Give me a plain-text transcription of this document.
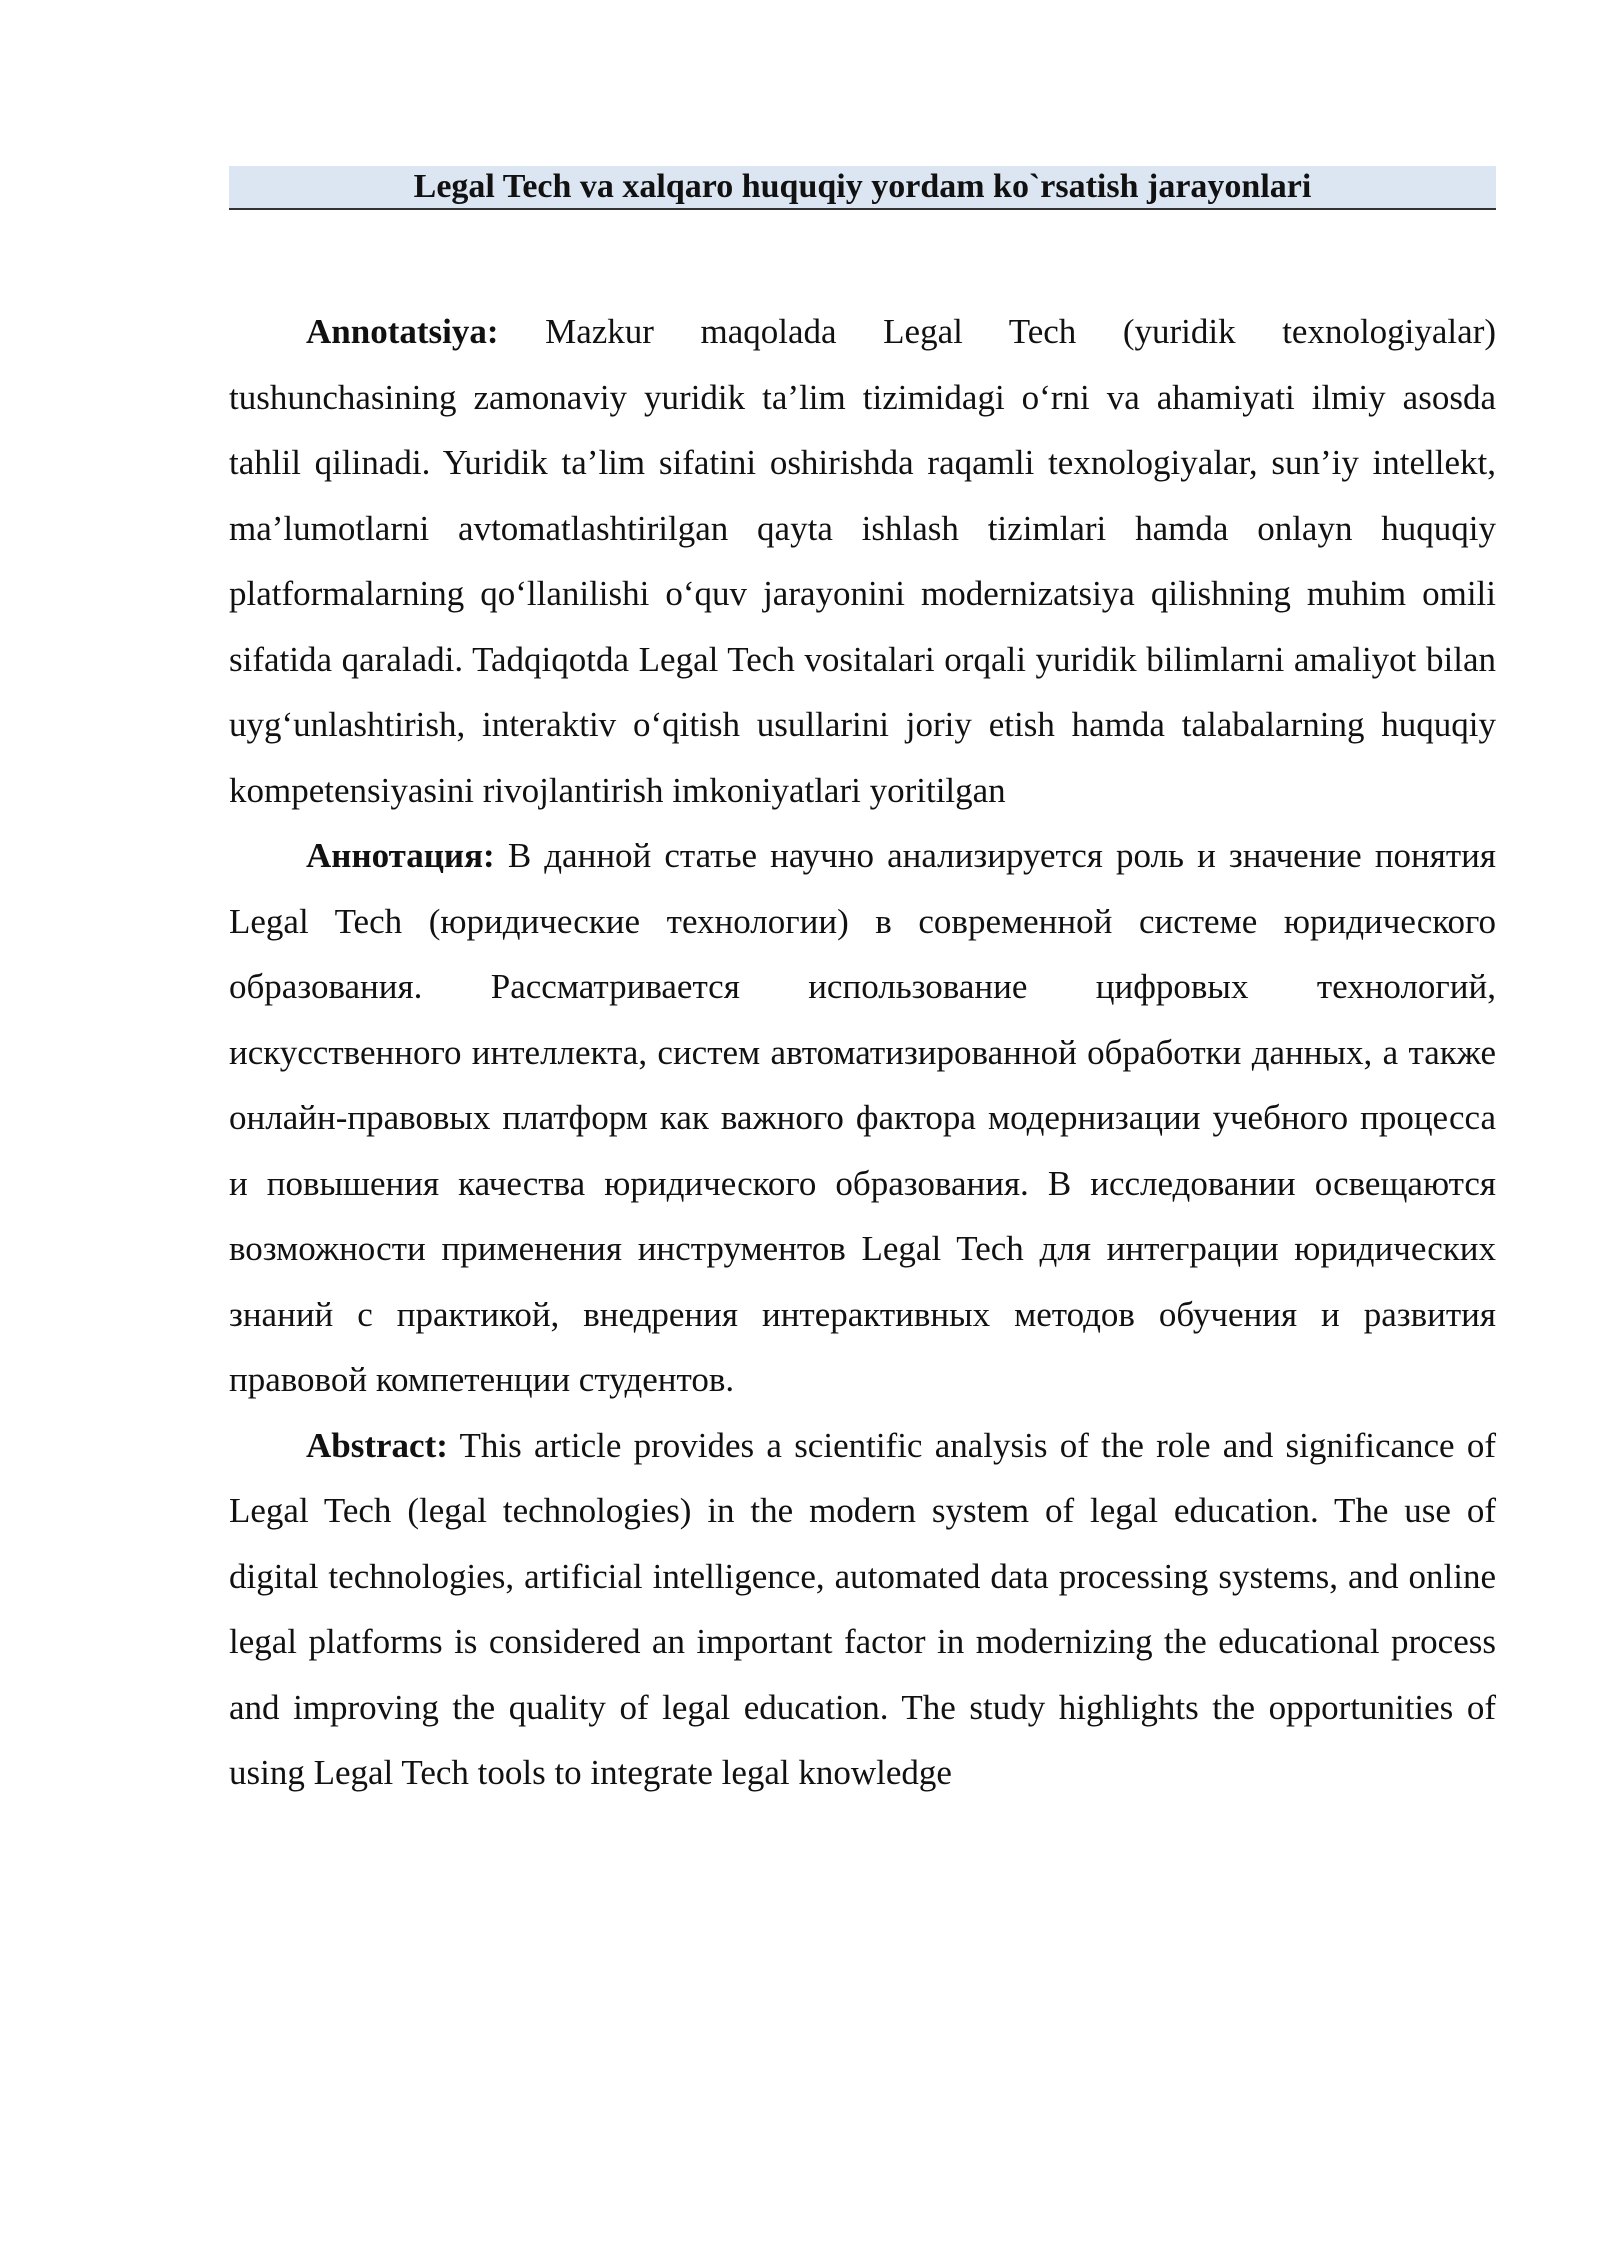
Legal Tech va xalqaro huquqiy yordam ko`rsatish jarayonlari

Annotatsiya: Mazkur maqolada Legal Tech (yuridik texnologiyalar) tushunchasining zamonaviy yuridik ta’lim tizimidagi o‘rni va ahamiyati ilmiy asosda tahlil qilinadi. Yuridik ta’lim sifatini oshirishda raqamli texnologiyalar, sun’iy intellekt, ma’lumotlarni avtomatlashtirilgan qayta ishlash tizimlari hamda onlayn huquqiy platformalarning qo‘llanilishi o‘quv jarayonini modernizatsiya qilishning muhim omili sifatida qaraladi. Tadqiqotda Legal Tech vositalari orqali yuridik bilimlarni amaliyot bilan uyg‘unlashtirish, interaktiv o‘qitish usullarini joriy etish hamda talabalarning huquqiy kompetensiyasini rivojlantirish imkoniyatlari yoritilgan

Аннотация: В данной статье научно анализируется роль и значение понятия Legal Tech (юридические технологии) в современной системе юридического образования. Рассматривается использование цифровых технологий, искусственного интеллекта, систем автоматизированной обработки данных, а также онлайн-правовых платформ как важного фактора модернизации учебного процесса и повышения качества юридического образования. В исследовании освещаются возможности применения инструментов Legal Tech для интеграции юридических знаний с практикой, внедрения интерактивных методов обучения и развития правовой компетенции студентов.

Abstract: This article provides a scientific analysis of the role and significance of Legal Tech (legal technologies) in the modern system of legal education. The use of digital technologies, artificial intelligence, automated data processing systems, and online legal platforms is considered an important factor in modernizing the educational process and improving the quality of legal education. The study highlights the opportunities of using Legal Tech tools to integrate legal knowledge
